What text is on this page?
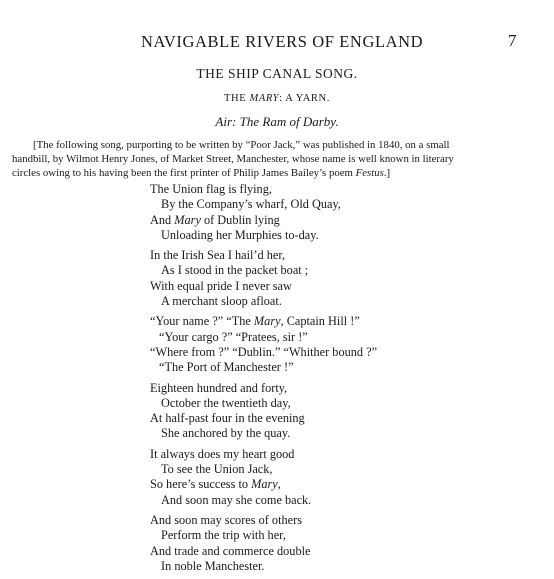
NAVIGABLE RIVERS OF ENGLAND	7
THE SHIP CANAL SONG.
THE MARY: A YARN.
Air: The Ram of Darby.
[The following song, purporting to be written by “Poor Jack,” was published in 1840, on a small
handbill, by Wilmot Henry Jones, of Market Street, Manchester, whose name is well known in literary
circles owing to his having been the first printer of Philip James Bailey’s poem Festus.]
The Union flag is flying,
By the Company’s wharf, Old Quay,
And Mary of Dublin lying
Unloading her Murphies to-day.
In the Irish Sea I hail’d her,
As I stood in the packet boat ;
With equal pride I never saw
A merchant sloop afloat.
“Your name ?” “The Mary, Captain Hill !”
“Your cargo ?” “Pratees, sir !”
“Where from ?” “Dublin.” “Whither bound ?”
“The Port of Manchester !”
Eighteen hundred and forty,
October the twentieth day,
At half-past four in the evening
She anchored by the quay.
It always does my heart good
To see the Union Jack,
So here’s success to Mary,
And soon may she come back.
And soon may scores of others
Perform the trip with her,
And trade and commerce double
In noble Manchester.
